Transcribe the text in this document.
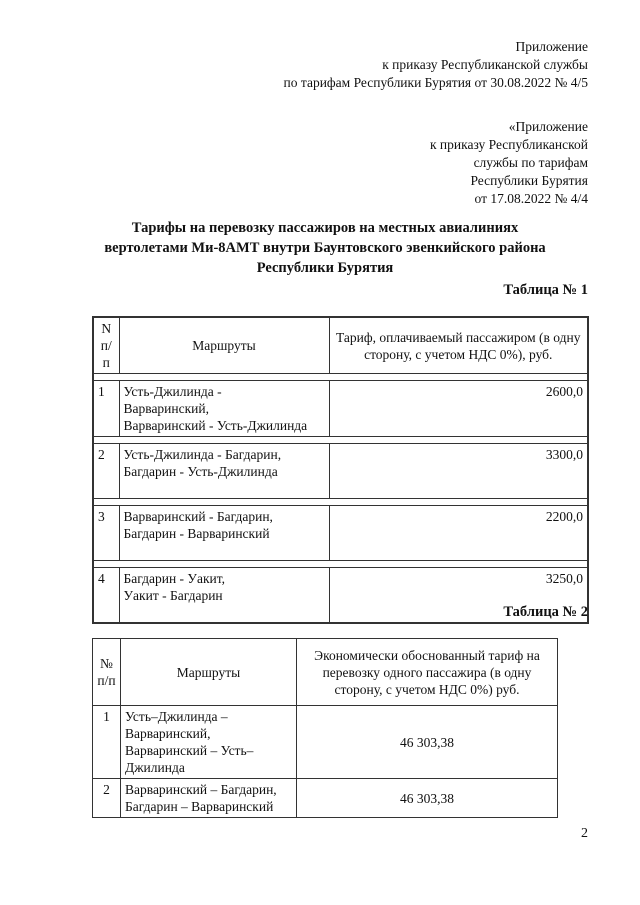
Приложение
к приказу Республиканской службы
по тарифам Республики Бурятия от 30.08.2022 № 4/5
«Приложение
к приказу Республиканской
службы по тарифам
Республики Бурятия
от 17.08.2022 № 4/4
Тарифы на перевозку пассажиров на местных авиалиниях
вертолетами Ми-8АМТ внутри Баунтовского эвенкийского района
Республики Бурятия
Таблица № 1
N п/п	Маршруты	Тариф, оплачиваемый пассажиром (в одну сторону, с учетом НДС 0%), руб.

1	Усть-Джилинда -
Варваринский,
Варваринский - Усть-Джилинда	2600,0

2	Усть-Джилинда - Багдарин,
Багдарин - Усть-Джилинда	3300,0

3	Варваринский - Багдарин,
Багдарин - Варваринский	2200,0

4	Багдарин - Уакит,
Уакит - Багдарин	3250,0
Таблица № 2
№ п/п	Маршруты	Экономически обоснованный тариф на перевозку одного пассажира (в одну сторону, с учетом НДС 0%) руб.
1	Усть–Джилинда –
Варваринский,
Варваринский – Усть–
Джилинда	46 303,38
2	Варваринский – Багдарин,
Багдарин – Варваринский	46 303,38
2
